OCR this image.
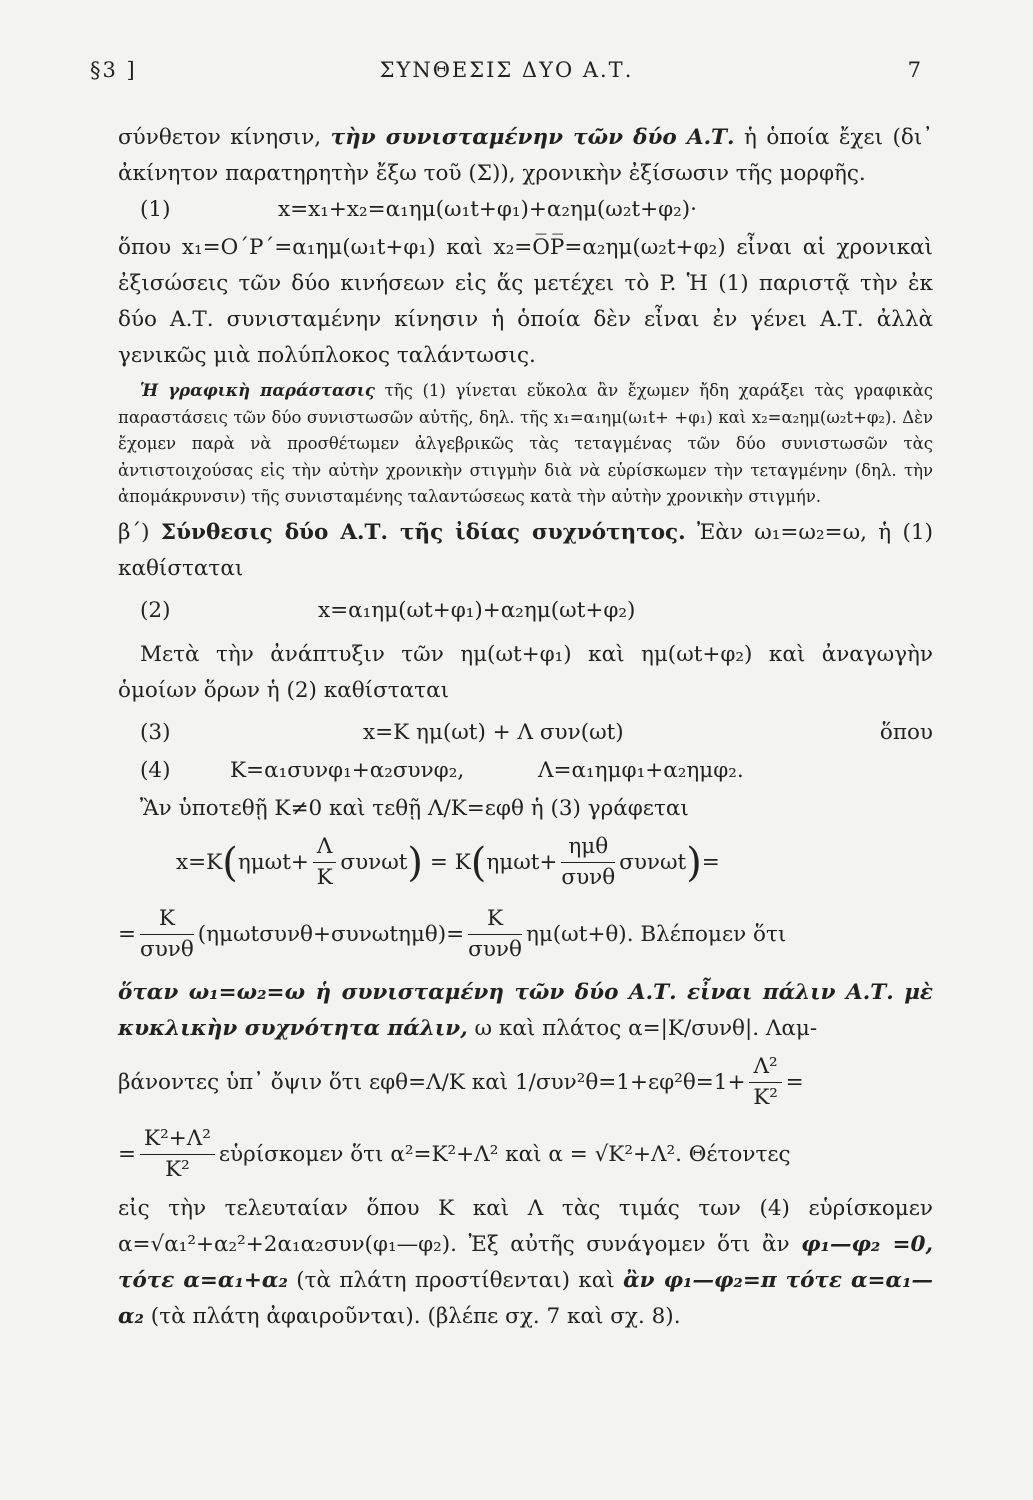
§3 ]	ΣΥΝΘΕΣΙΣ ΔΥΟ Α.Τ.	7

σύνθετον κίνησιν, τὴν συνισταμένην τῶν δύο Α.Τ. ἡ ὁποία ἔχει (δι᾿ ἀκίνητον παρατηρητὴν ἔξω τοῦ (Σ)), χρονικὴν ἐξίσωσιν τῆς μορφῆς.

(1)	x=x₁+x₂=α₁ημ(ω₁t+φ₁)+α₂ημ(ω₂t+φ₂)·

ὅπου x₁=O΄P΄=α₁ημ(ω₁t+φ₁) καὶ x₂=O̅P̅=α₂ημ(ω₂t+φ₂) εἶναι αἱ χρονικαὶ ἐξισώσεις τῶν δύο κινήσεων εἰς ἅς μετέχει τὸ P. Ἡ (1) παριστᾷ τὴν ἐκ δύο Α.Τ. συνισταμένην κίνησιν ἡ ὁποία δὲν εἶναι ἐν γένει Α.Τ. ἀλλὰ γενικῶς μιὰ πολύπλοκος ταλάντωσις.

Ἡ γραφικὴ παράστασις τῆς (1) γίνεται εὔκολα ἂν ἔχωμεν ἤδη χαράξει τὰς γραφικὰς παραστάσεις τῶν δύο συνιστωσῶν αὐτῆς, δηλ. τῆς x₁=α₁ημ(ω₁t+ +φ₁) καὶ x₂=α₂ημ(ω₂t+φ₂). Δὲν ἔχομεν παρὰ νὰ προσθέτωμεν ἀλγεβρικῶς τὰς τεταγμένας τῶν δύο συνιστωσῶν τὰς ἀντιστοιχούσας εἰς τὴν αὐτὴν χρονικὴν στιγμὴν διὰ νὰ εὑρίσκωμεν τὴν τεταγμένην (δηλ. τὴν ἀπομάκρυνσιν) τῆς συνισταμένης ταλαντώσεως κατὰ τὴν αὐτὴν χρονικὴν στιγμήν.

β΄) Σύνθεσις δύο Α.Τ. τῆς ἰδίας συχνότητος. Ἐὰν ω₁=ω₂=ω, ἡ (1) καθίσταται

(2)	x=α₁ημ(ωt+φ₁)+α₂ημ(ωt+φ₂)

Μετὰ τὴν ἀνάπτυξιν τῶν ημ(ωt+φ₁) καὶ ημ(ωt+φ₂) καὶ ἀναγωγὴν ὁμοίων ὅρων ἡ (2) καθίσταται

(3)	x=K ημ(ωt) + Λ συν(ωt)	ὅπου
(4)	K=α₁συνφ₁+α₂συνφ₂,	Λ=α₁ημφ₁+α₂ημφ₂.

Ἂν ὑποτεθῇ K≠0 καὶ τεθῇ Λ/K=εφθ ἡ (3) γράφεται

$x=K(\eta\mu\omega t+ \frac{\Lambda}{K} \sigma\upsilon\nu\omega t) = K(\eta\mu\omega t+ \frac{\text{ημθ}}{\text{συνθ}} \sigma\upsilon\nu\omega t)=$
= $\frac{K}{\text{συνθ}} (\eta\mu\omega t\sigma\upsilon\nu\theta+\sigma\upsilon\nu\omega t\eta\mu\theta)= \frac{K}{\text{συνθ}} \eta\mu(\omega t+\theta)$. Βλέπομεν ὅτι

ὅταν ω₁=ω₂=ω ἡ συνισταμένη τῶν δύο Α.Τ. εἶναι πάλιν Α.Τ. μὲ κυκλικὴν συχνότητα πάλιν, ω καὶ πλάτος α=|K/συνθ|. Λαμ-

βάνοντες ὑπ᾿ ὄψιν ὅτι εφθ=Λ/K καὶ $1/\sigma\upsilon\nu^2\theta=1+\varepsilon\varphi^2\theta=1+ \frac{\text{Λ²}}{\text{K²}}$ =
= $\frac{\text{K²+Λ²}}{\text{K²}}$ εὑρίσκομεν ὅτι α²=K²+Λ² καὶ α = √K²+Λ². Θέτοντες

εἰς τὴν τελευταίαν ὅπου K καὶ Λ τὰς τιμάς των (4) εὑρίσκομεν α=√α₁²+α₂²+2α₁α₂συν(φ₁—φ₂). Ἐξ αὐτῆς συνάγομεν ὅτι ἂν φ₁—φ₂ =0, τότε α=α₁+α₂ (τὰ πλάτη προστίθενται) καὶ ἂν φ₁—φ₂=π τότε α=α₁—α₂ (τὰ πλάτη ἀφαιροῦνται). (βλέπε σχ. 7 καὶ σχ. 8).
